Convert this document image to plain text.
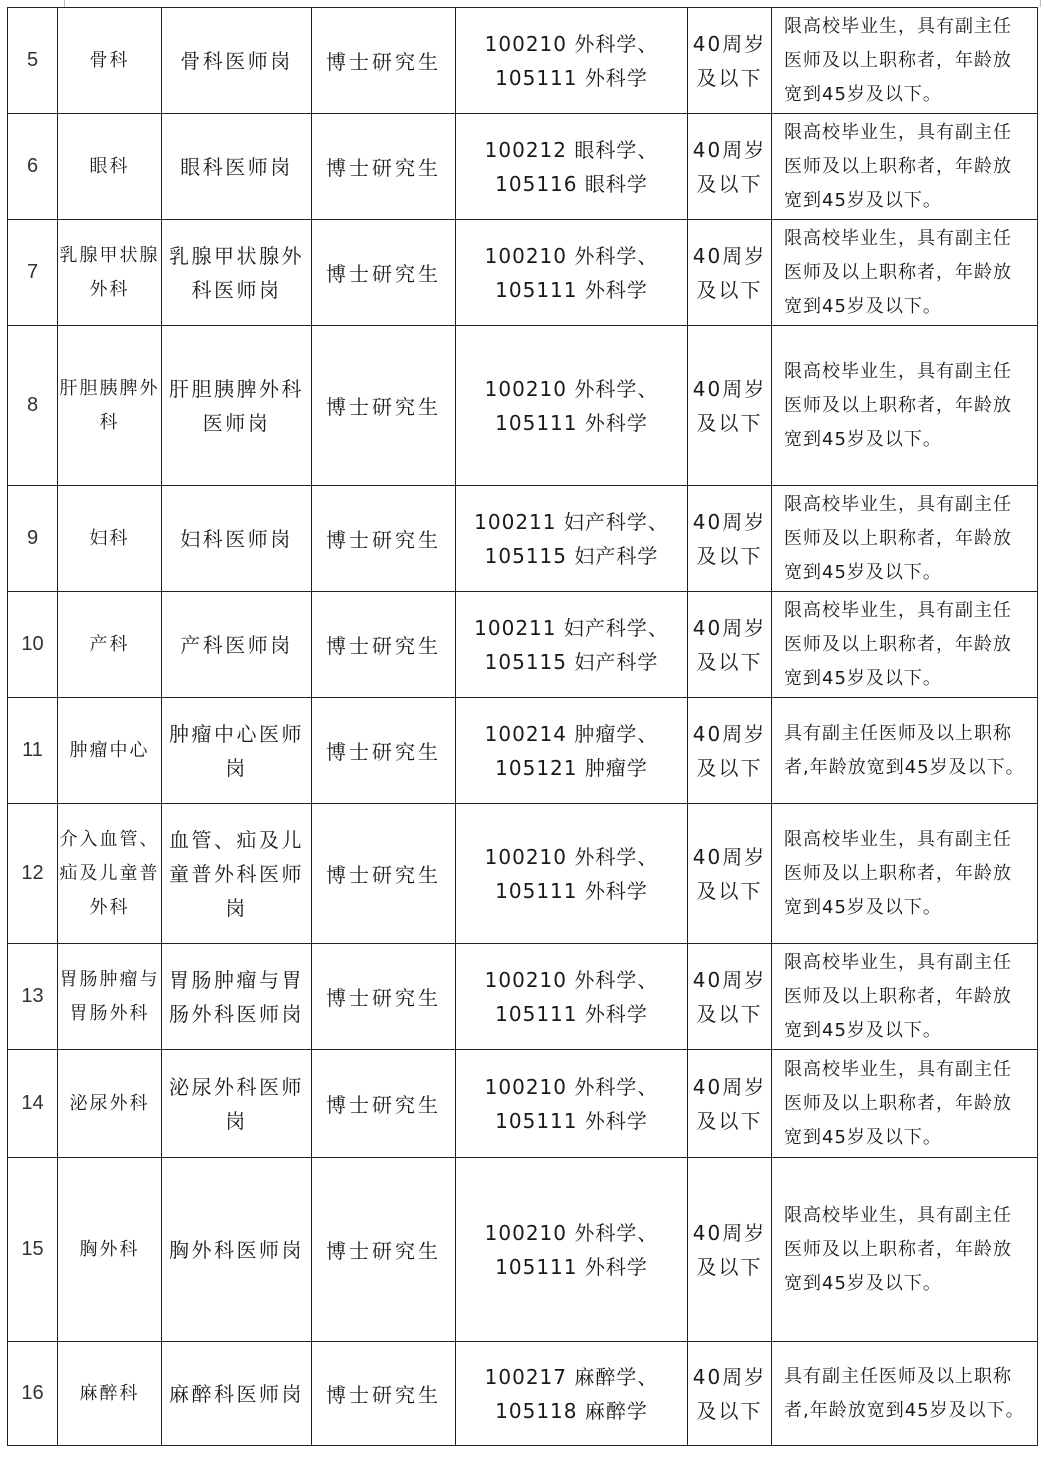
5	骨科	骨科医师岗	博士研究生	100210 外科学、
105111 外科学	40周岁及以下	限高校毕业生，具有副主任医师及以上职称者，年龄放宽到45岁及以下。
6	眼科	眼科医师岗	博士研究生	100212 眼科学、
105116 眼科学	40周岁及以下	限高校毕业生，具有副主任医师及以上职称者，年龄放宽到45岁及以下。
7	乳腺甲状腺外科	乳腺甲状腺外科医师岗	博士研究生	100210 外科学、
105111 外科学	40周岁及以下	限高校毕业生，具有副主任医师及以上职称者，年龄放宽到45岁及以下。
8	肝胆胰脾外科	肝胆胰脾外科医师岗	博士研究生	100210 外科学、
105111 外科学	40周岁及以下	限高校毕业生，具有副主任医师及以上职称者，年龄放宽到45岁及以下。
9	妇科	妇科医师岗	博士研究生	100211 妇产科学、
105115 妇产科学	40周岁及以下	限高校毕业生，具有副主任医师及以上职称者，年龄放宽到45岁及以下。
10	产科	产科医师岗	博士研究生	100211 妇产科学、
105115 妇产科学	40周岁及以下	限高校毕业生，具有副主任医师及以上职称者，年龄放宽到45岁及以下。
11	肿瘤中心	肿瘤中心医师岗	博士研究生	100214 肿瘤学、
105121 肿瘤学	40周岁及以下	具有副主任医师及以上职称者,年龄放宽到45岁及以下。
12	介入血管、疝及儿童普外科	血管、疝及儿童普外科医师岗	博士研究生	100210 外科学、
105111 外科学	40周岁及以下	限高校毕业生，具有副主任医师及以上职称者，年龄放宽到45岁及以下。
13	胃肠肿瘤与胃肠外科	胃肠肿瘤与胃肠外科医师岗	博士研究生	100210 外科学、
105111 外科学	40周岁及以下	限高校毕业生，具有副主任医师及以上职称者，年龄放宽到45岁及以下。
14	泌尿外科	泌尿外科医师岗	博士研究生	100210 外科学、
105111 外科学	40周岁及以下	限高校毕业生，具有副主任医师及以上职称者，年龄放宽到45岁及以下。
15	胸外科	胸外科医师岗	博士研究生	100210 外科学、
105111 外科学	40周岁及以下	限高校毕业生，具有副主任医师及以上职称者，年龄放宽到45岁及以下。
16	麻醉科	麻醉科医师岗	博士研究生	100217 麻醉学、
105118 麻醉学	40周岁及以下	具有副主任医师及以上职称者,年龄放宽到45岁及以下。
